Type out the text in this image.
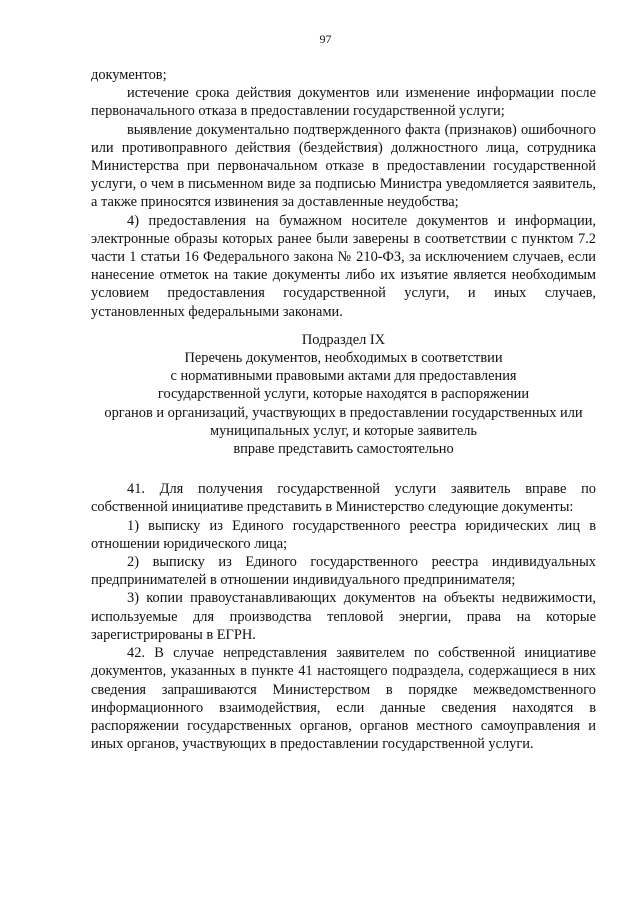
97

документов;

истечение срока действия документов или изменение информации после первоначального отказа в предоставлении государственной услуги;

выявление документально подтвержденного факта (признаков) ошибочного или противоправного действия (бездействия) должностного лица, сотрудника Министерства при первоначальном отказе в предоставлении государственной услуги, о чем в письменном виде за подписью Министра уведомляется заявитель, а также приносятся извинения за доставленные неудобства;

4) предоставления на бумажном носителе документов и информации, электронные образы которых ранее были заверены в соответствии с пунктом 7.2 части 1 статьи 16 Федерального закона № 210-ФЗ, за исключением случаев, если нанесение отметок на такие документы либо их изъятие является необходимым условием предоставления государственной услуги, и иных случаев, установленных федеральными законами.

Подраздел IX
Перечень документов, необходимых в соответствии
с нормативными правовыми актами для предоставления
государственной услуги, которые находятся в распоряжении
органов и организаций, участвующих в предоставлении государственных или
муниципальных услуг, и которые заявитель
вправе представить самостоятельно

41. Для получения государственной услуги заявитель вправе по собственной инициативе представить в Министерство следующие документы:

1) выписку из Единого государственного реестра юридических лиц в отношении юридического лица;

2) выписку из Единого государственного реестра индивидуальных предпринимателей в отношении индивидуального предпринимателя;

3) копии правоустанавливающих документов на объекты недвижимости, используемые для производства тепловой энергии, права на которые зарегистрированы в ЕГРН.

42. В случае непредставления заявителем по собственной инициативе документов, указанных в пункте 41 настоящего подраздела, содержащиеся в них сведения запрашиваются Министерством в порядке межведомственного информационного взаимодействия, если данные сведения находятся в распоряжении государственных органов, органов местного самоуправления и иных органов, участвующих в предоставлении государственной услуги.
